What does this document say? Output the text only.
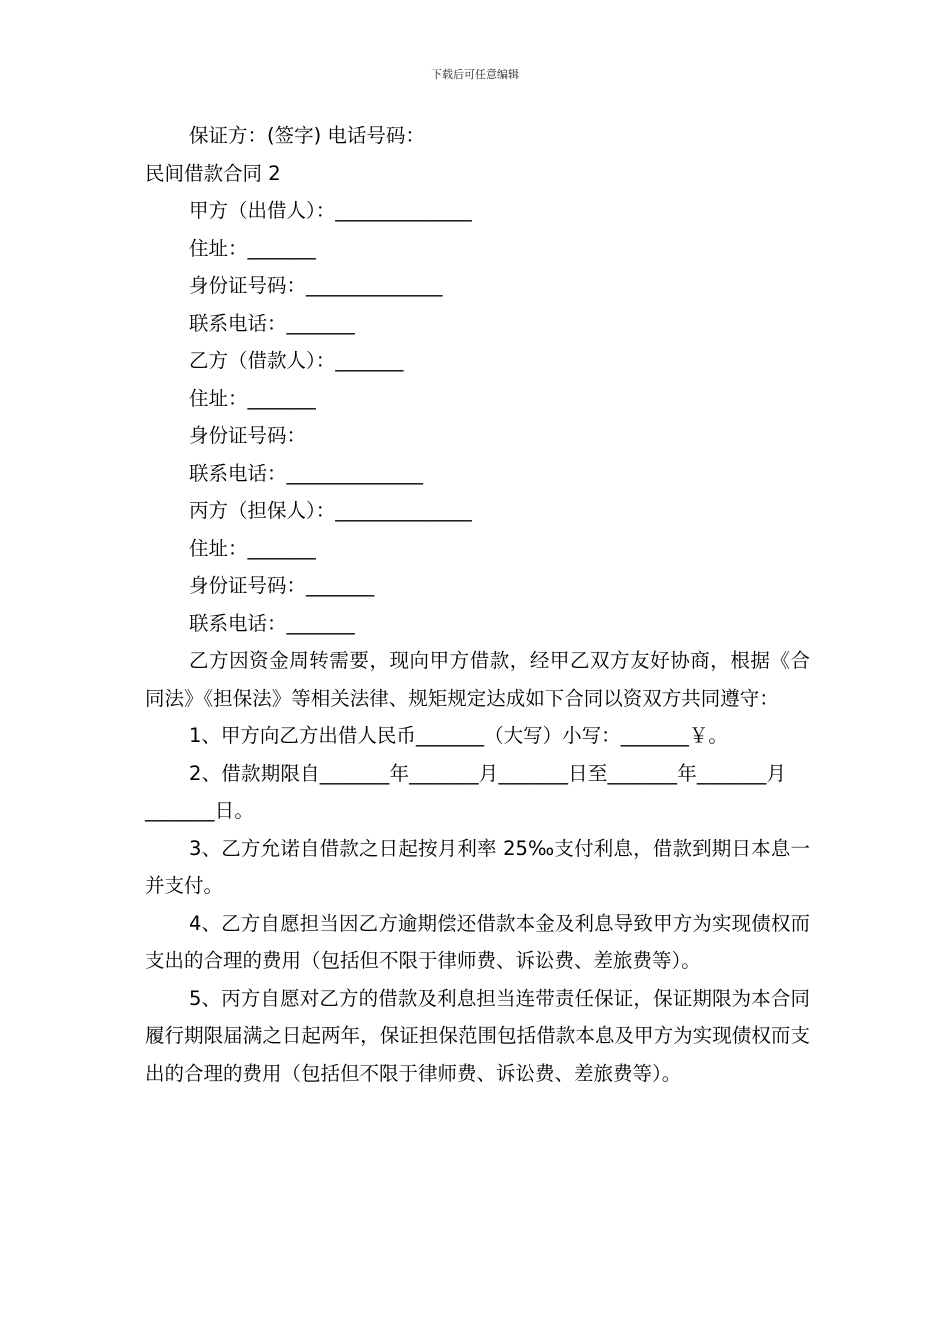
下载后可任意编辑

保证方：(签字) 电话号码：

民间借款合同 2

甲方（出借人）：______________

住址：_______

身份证号码：______________

联系电话：_______

乙方（借款人）：_______

住址：_______

身份证号码：

联系电话：______________

丙方（担保人）：______________

住址：_______

身份证号码：_______

联系电话：_______

乙方因资金周转需要，现向甲方借款，经甲乙双方友好协商，根据《合同法》《担保法》等相关法律、规矩规定达成如下合同以资双方共同遵守：

1、甲方向乙方出借人民币_______（大写）小写：_______￥。

2、借款期限自_______年_______月_______日至_______年_______月_______日。

3、乙方允诺自借款之日起按月利率 25‰支付利息，借款到期日本息一并支付。

4、乙方自愿担当因乙方逾期偿还借款本金及利息导致甲方为实现债权而支出的合理的费用（包括但不限于律师费、诉讼费、差旅费等）。

5、丙方自愿对乙方的借款及利息担当连带责任保证，保证期限为本合同履行期限届满之日起两年，保证担保范围包括借款本息及甲方为实现债权而支出的合理的费用（包括但不限于律师费、诉讼费、差旅费等）。
